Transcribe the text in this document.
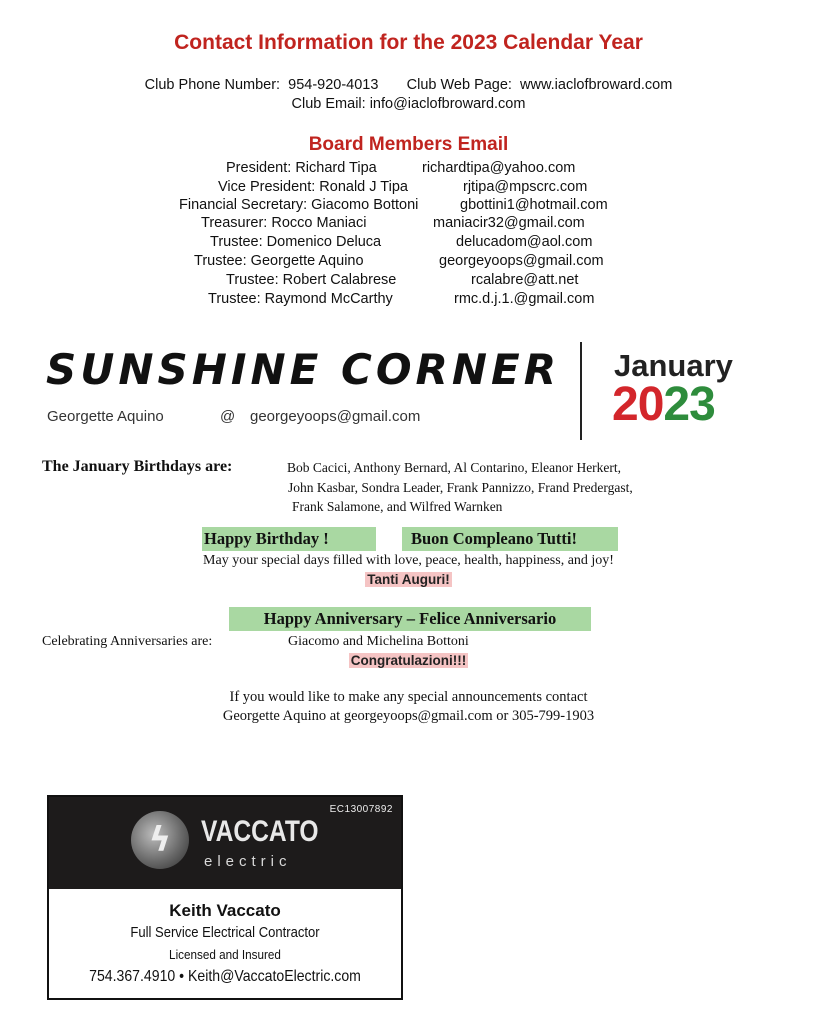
Contact Information for the 2023 Calendar Year
Club Phone Number:  954-920-4013       Club Web Page:  www.iaclofbroward.com
Club Email: info@iaclofbroward.com
Board Members Email
President: Richard Tipa	richardtipa@yahoo.com
Vice President: Ronald J Tipa	rjtipa@mpscrc.com
Financial Secretary: Giacomo Bottoni	gbottini1@hotmail.com
Treasurer: Rocco Maniaci	maniacir32@gmail.com
Trustee: Domenico Deluca	delucadom@aol.com
Trustee: Georgette Aquino	georgeyoops@gmail.com
Trustee: Robert Calabrese	rcalabre@att.net
Trustee: Raymond McCarthy	rmc.d.j.1.@gmail.com
SUNSHINE CORNER
Georgette Aquino	@ georgeyoops@gmail.com
January
2023
The January Birthdays are:	Bob Cacici, Anthony Bernard, Al Contarino, Eleanor Herkert,
John Kasbar, Sondra Leader, Frank Pannizzo, Frand Predergast,
Frank Salamone, and Wilfred Warnken
Happy Birthday !	Buon Compleano Tutti!
May your special days filled with love, peace, health, happiness, and joy!
Tanti Auguri!
Happy Anniversary – Felice Anniversario
Celebrating Anniversaries are:	Giacomo and Michelina Bottoni
Congratulazioni!!!
If you would like to make any special announcements contact
Georgette Aquino at georgeyoops@gmail.com or 305-799-1903
EC13007892
ϟ VACCATO
electric
Keith Vaccato
Full Service Electrical Contractor
Licensed and Insured
754.367.4910 • Keith@VaccatoElectric.com
